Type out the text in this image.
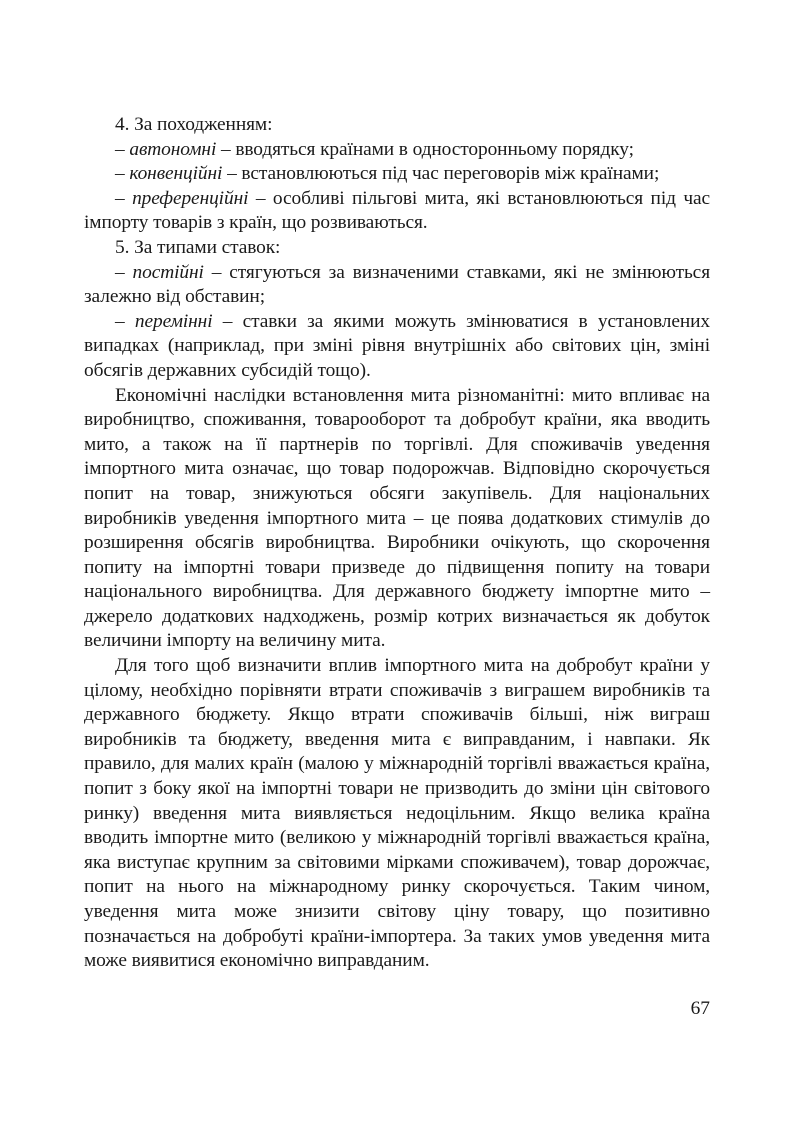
4. За походженням:

– автономні – вводяться країнами в односторонньому порядку;

– конвенційні – встановлюються під час переговорів між країнами;

– преференційні – особливі пільгові мита, які встановлюються під час імпорту товарів з країн, що розвиваються.

5. За типами ставок:

– постійні – стягуються за визначеними ставками, які не змінюються залежно від обставин;

– перемінні – ставки за якими можуть змінюватися в установлених випадках (наприклад, при зміні рівня внутрішніх або світових цін, зміні обсягів державних субсидій тощо).

Економічні наслідки встановлення мита різноманітні: мито впливає на виробництво, споживання, товарооборот та добробут країни, яка вводить мито, а також на її партнерів по торгівлі. Для споживачів уведення імпортного мита означає, що товар подорожчав. Відповідно скорочується попит на товар, знижуються обсяги закупівель. Для національних виробників уведення імпортного мита – це поява додаткових стимулів до розширення обсягів виробництва. Виробники очікують, що скорочення попиту на імпортні товари призведе до підвищення попиту на товари національного виробництва. Для державного бюджету імпортне мито – джерело додаткових надходжень, розмір котрих визначається як добуток величини імпорту на величину мита.

Для того щоб визначити вплив імпортного мита на добробут країни у цілому, необхідно порівняти втрати споживачів з виграшем виробників та державного бюджету. Якщо втрати споживачів більші, ніж виграш виробників та бюджету, введення мита є виправданим, і навпаки. Як правило, для малих країн (малою у міжнародній торгівлі вважається країна, попит з боку якої на імпортні товари не призводить до зміни цін світового ринку) введення мита виявляється недоцільним. Якщо велика країна вводить імпортне мито (великою у міжнародній торгівлі вважається країна, яка виступає крупним за світовими мірками споживачем), товар дорожчає, попит на нього на міжнародному ринку скорочується. Таким чином, уведення мита може знизити світову ціну товару, що позитивно позначається на добробуті країни-імпортера. За таких умов уведення мита може виявитися економічно виправданим.

67
